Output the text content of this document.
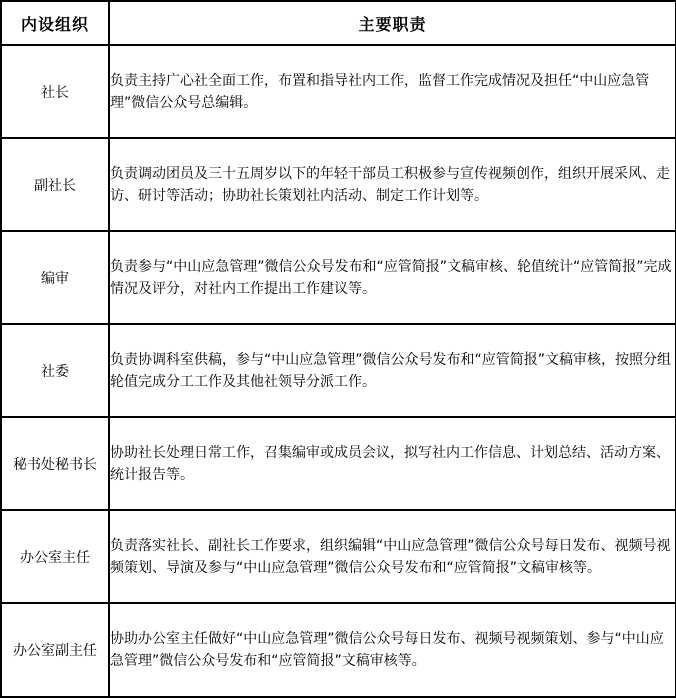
内设组织	主要职责
社长	负责主持广心社全面工作，布置和指导社内工作，监督工作完成情况及担任“中山应急管理”微信公众号总编辑。
副社长	负责调动团员及三十五周岁以下的年轻干部员工积极参与宣传视频创作，组织开展采风、走访、研讨等活动；协助社长策划社内活动、制定工作计划等。
编审	负责参与“中山应急管理”微信公众号发布和“应管简报”文稿审核、轮值统计“应管简报”完成情况及评分，对社内工作提出工作建议等。
社委	负责协调科室供稿，参与“中山应急管理”微信公众号发布和“应管简报”文稿审核，按照分组轮值完成分工工作及其他社领导分派工作。
秘书处秘书长	协助社长处理日常工作，召集编审或成员会议，拟写社内工作信息、计划总结、活动方案、统计报告等。
办公室主任	负责落实社长、副社长工作要求，组织编辑“中山应急管理”微信公众号每日发布、视频号视频策划、导演及参与“中山应急管理”微信公众号发布和“应管简报”文稿审核等。
办公室副主任	协助办公室主任做好“中山应急管理”微信公众号每日发布、视频号视频策划、参与“中山应急管理”微信公众号发布和“应管简报”文稿审核等。
